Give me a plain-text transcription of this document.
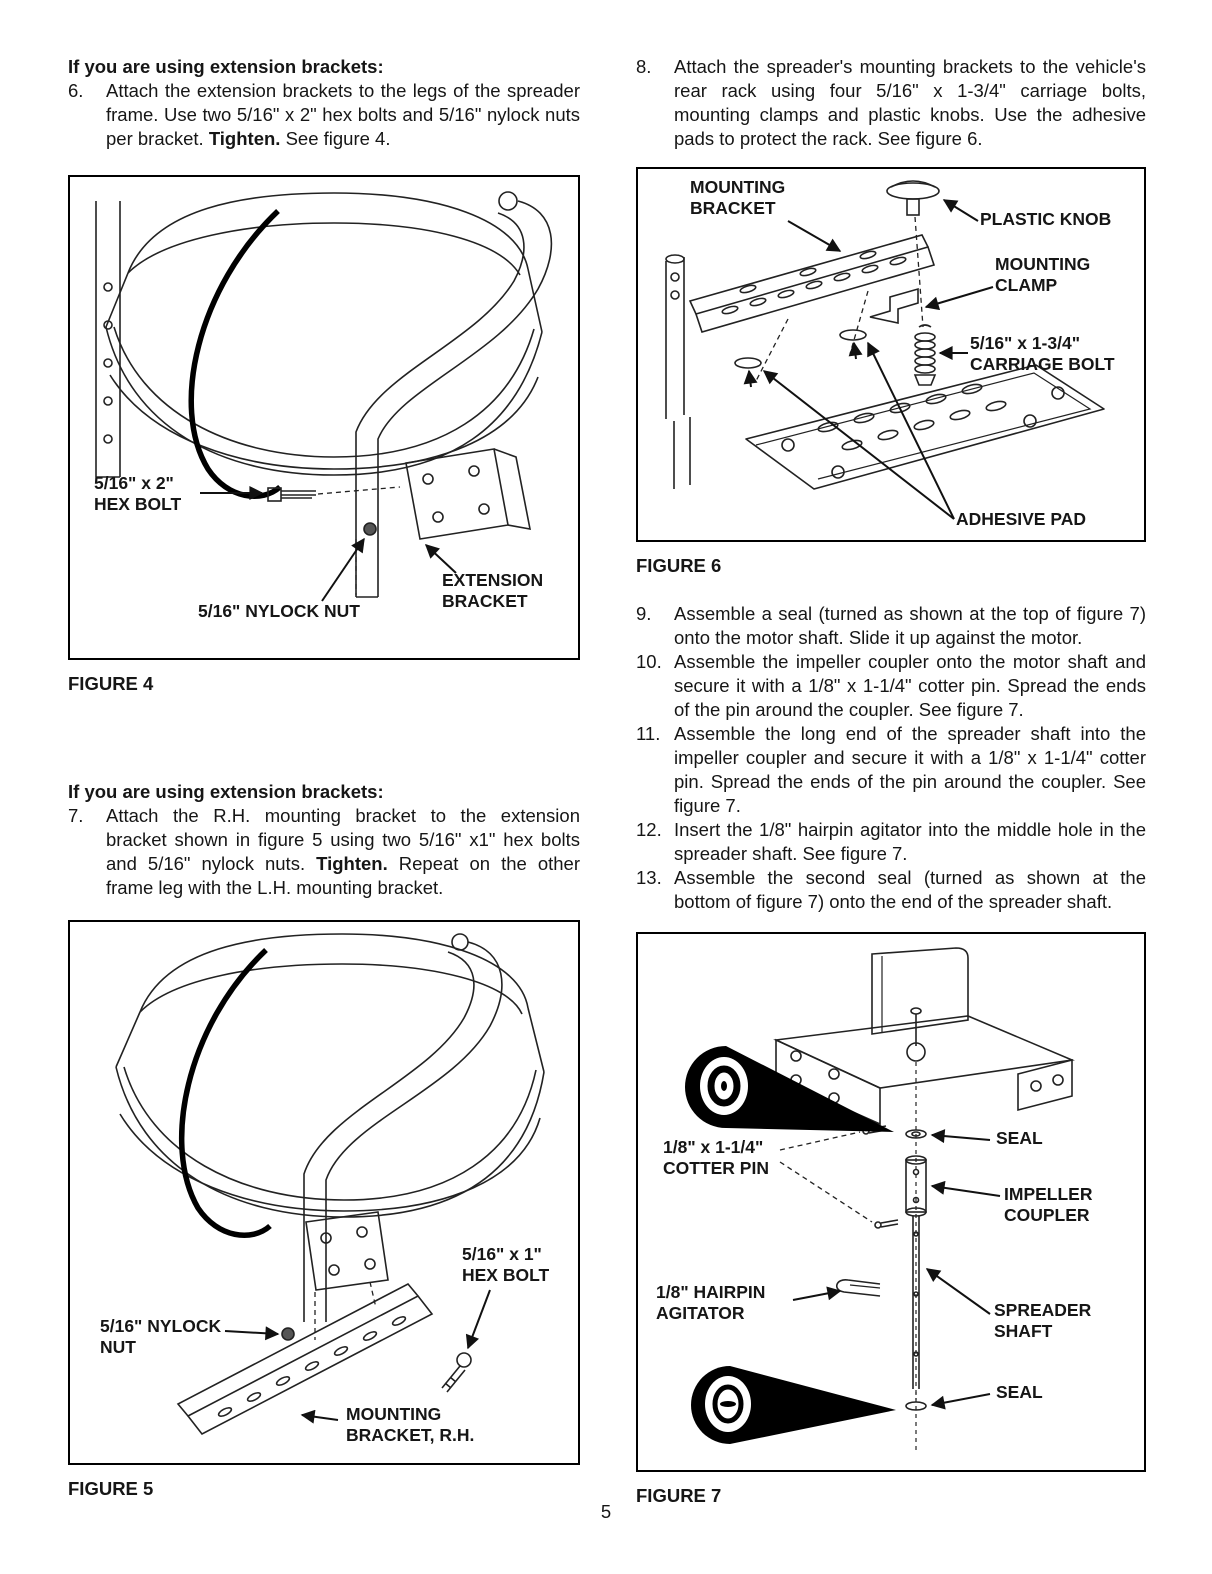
If you are using extension brackets:
6.	Attach the extension brackets to the legs of the spreader frame. Use two 5/16" x 2" hex bolts and 5/16" nylock nuts per bracket. Tighten. See figure 4.
5/16" x 2"
HEX BOLT
5/16" NYLOCK NUT
EXTENSION
BRACKET
FIGURE 4
If you are using extension brackets:
7.	Attach the R.H. mounting bracket to the extension bracket shown in figure 5 using two 5/16" x1" hex bolts and 5/16" nylock nuts. Tighten. Repeat on the other frame leg with the L.H. mounting bracket.
5/16" x 1"
HEX BOLT
5/16" NYLOCK
NUT
MOUNTING
BRACKET, R.H.
FIGURE 5
8.	Attach the spreader's mounting brackets to the vehicle's rear rack using four 5/16" x 1-3/4" carriage bolts, mounting clamps and plastic knobs. Use the adhesive pads to protect the rack. See figure 6.
MOUNTING
BRACKET
PLASTIC KNOB
MOUNTING
CLAMP
5/16" x 1-3/4"
CARRIAGE BOLT
ADHESIVE PAD
FIGURE 6
9.	Assemble a seal (turned as shown at the top of figure 7) onto the motor shaft. Slide it up against the motor.
10. Assemble the impeller coupler onto the motor shaft and secure it with a 1/8" x 1-1/4" cotter pin. Spread the ends of the pin around the coupler. See figure 7.
11. Assemble the long end of the spreader shaft into the impeller coupler and secure it with a 1/8" x 1-1/4" cotter pin. Spread the ends of the pin around the coupler. See figure 7.
12. Insert the 1/8" hairpin agitator into the middle hole in the spreader shaft. See figure 7.
13. Assemble the second seal (turned as shown at the bottom of figure 7) onto the end of the spreader shaft.
1/8" x 1-1/4"
COTTER PIN
SEAL
IMPELLER
COUPLER
1/8" HAIRPIN
AGITATOR	SPREADER
SHAFT
SEAL
FIGURE 7
5
